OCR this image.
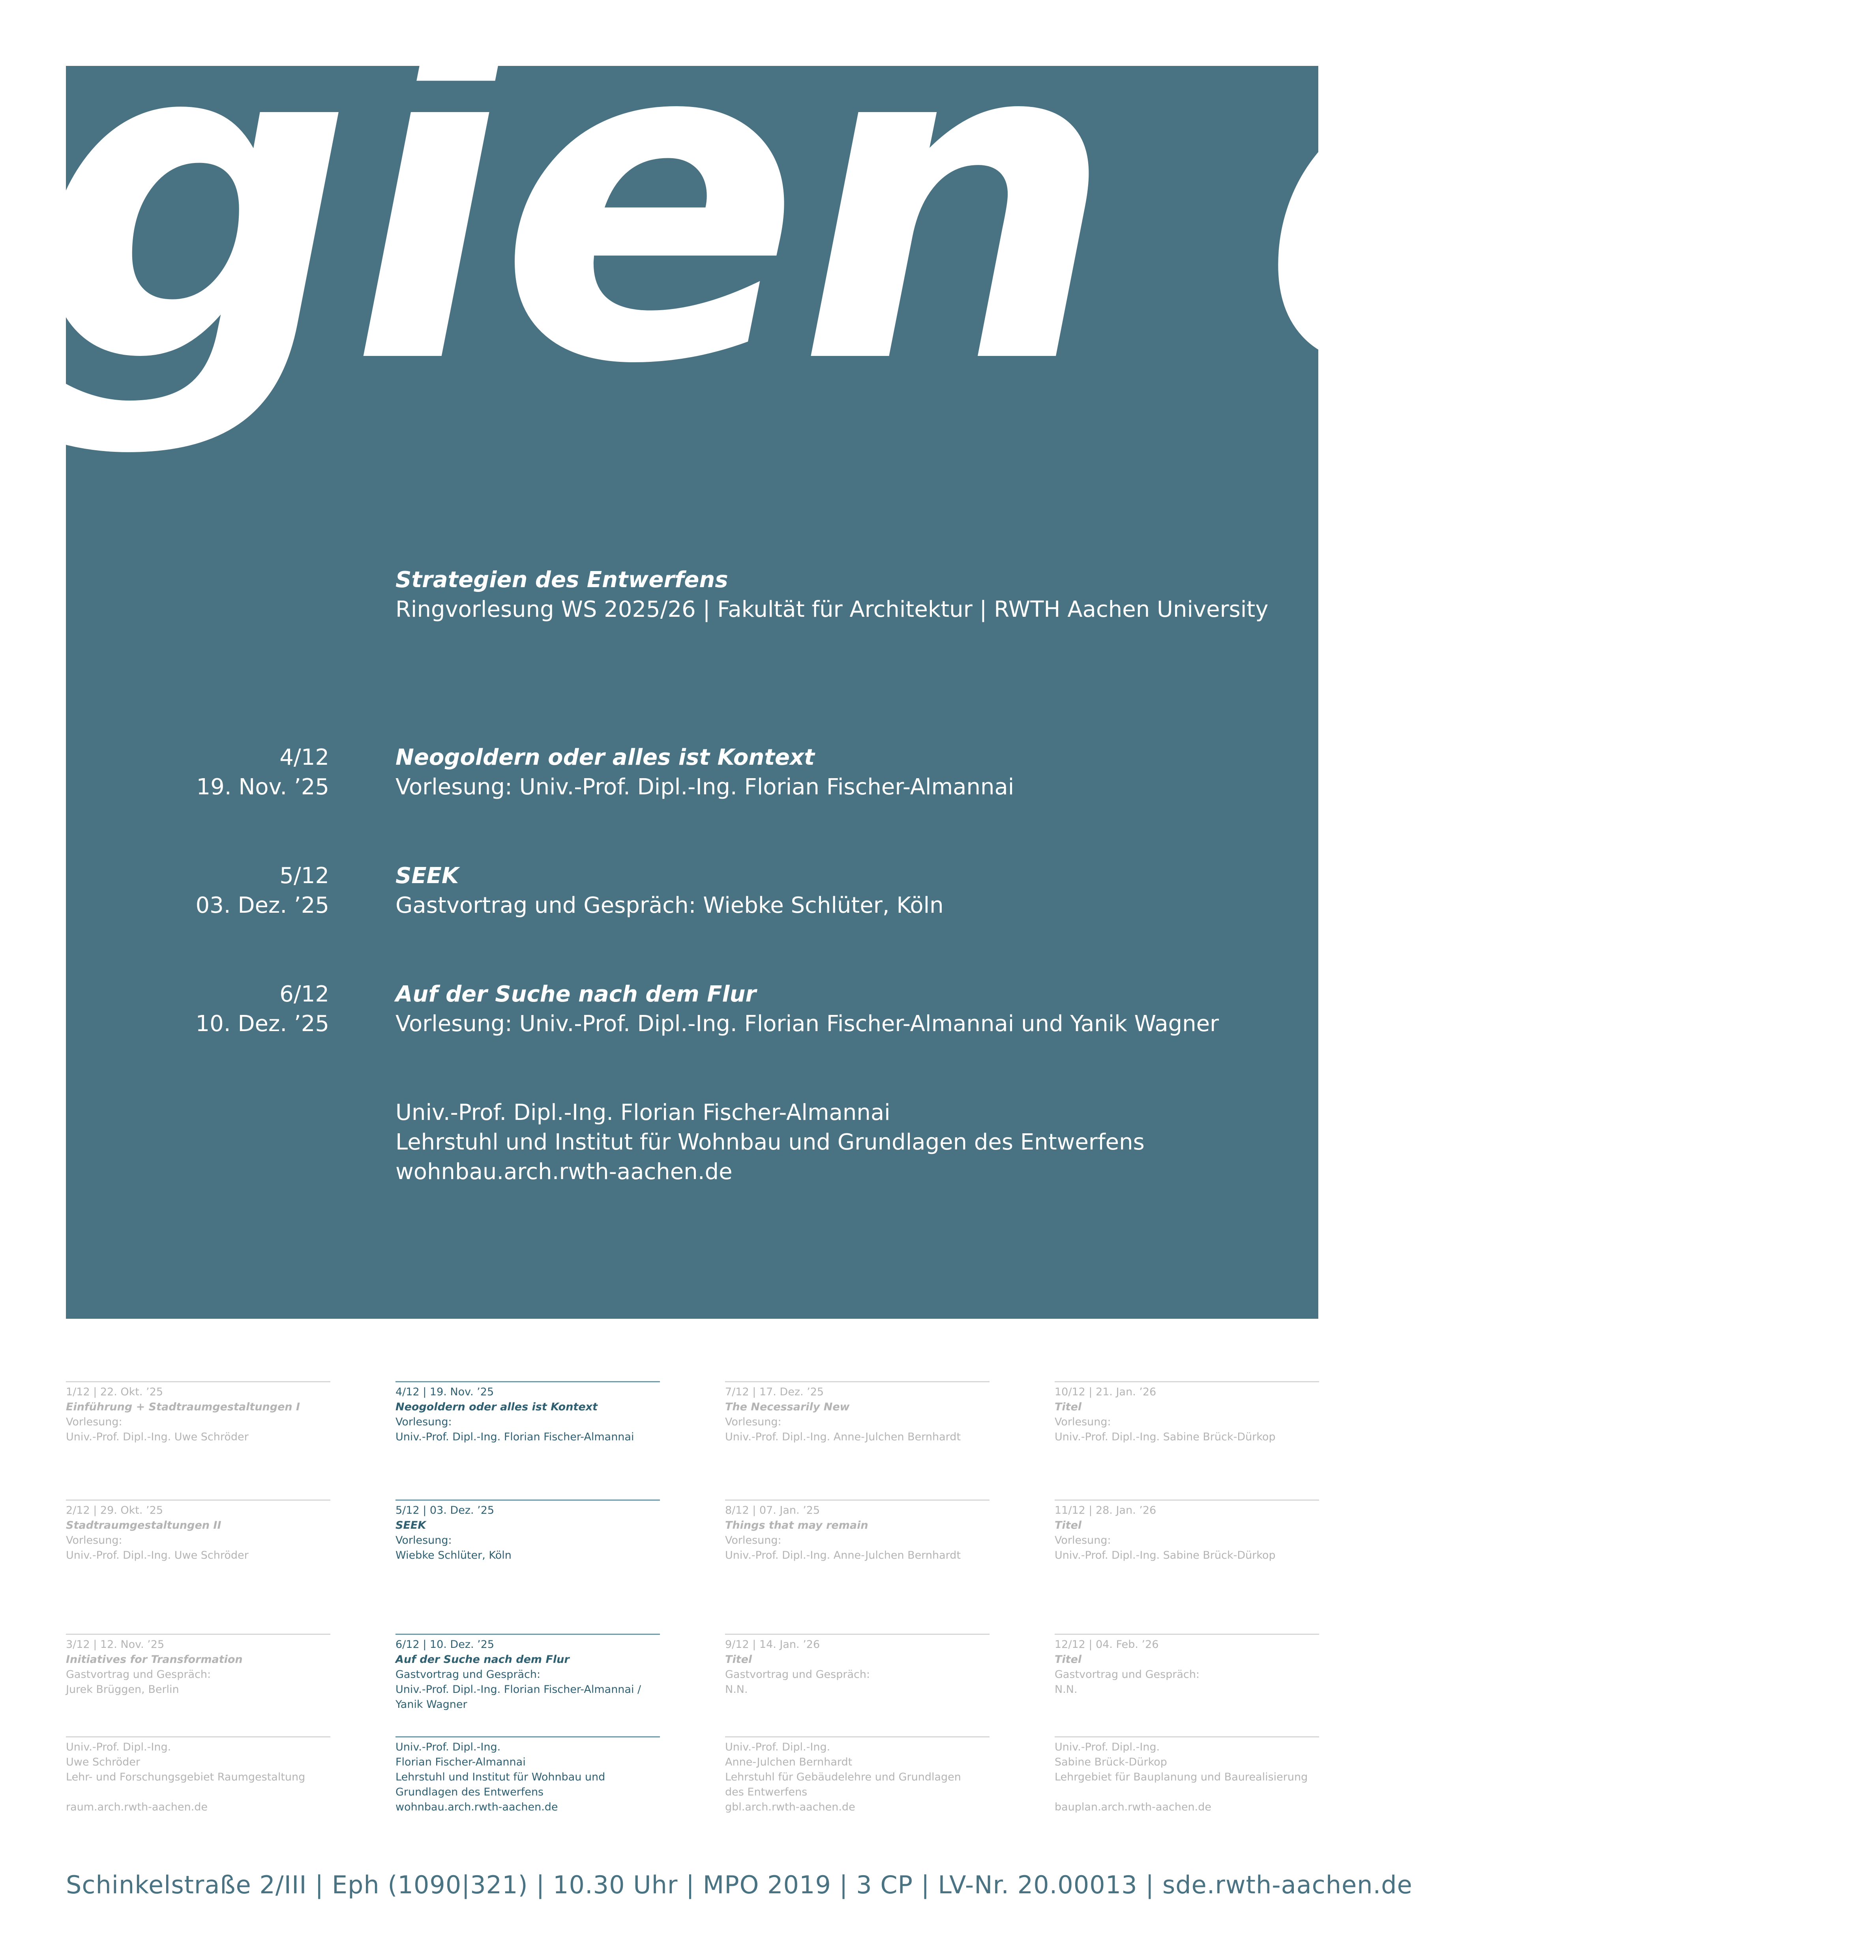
gien de
Strategien des Entwerfens
Ringvorlesung WS 2025/26 | Fakultät für Architektur | RWTH Aachen University
4/12
19. Nov. ’25
Neogoldern oder alles ist Kontext
Vorlesung: Univ.-Prof. Dipl.-Ing. Florian Fischer-Almannai
5/12
03. Dez. ’25
SEEK
Gastvortrag und Gespräch: Wiebke Schlüter, Köln
6/12
10. Dez. ’25
Auf der Suche nach dem Flur
Vorlesung: Univ.-Prof. Dipl.-Ing. Florian Fischer-Almannai und Yanik Wagner
Univ.-Prof. Dipl.-Ing. Florian Fischer-Almannai
Lehrstuhl und Institut für Wohnbau und Grundlagen des Entwerfens
wohnbau.arch.rwth-aachen.de
1/12 | 22. Okt. ’25
Einführung + Stadtraumgestaltungen I
Vorlesung:
Univ.-Prof. Dipl.-Ing. Uwe Schröder
2/12 | 29. Okt. ’25
Stadtraumgestaltungen II
Vorlesung:
Univ.-Prof. Dipl.-Ing. Uwe Schröder
3/12 | 12. Nov. ’25
Initiatives for Transformation
Gastvortrag und Gespräch:
Jurek Brüggen, Berlin
Univ.-Prof. Dipl.-Ing.
Uwe Schröder
Lehr- und Forschungsgebiet Raumgestaltung
raum.arch.rwth-aachen.de
4/12 | 19. Nov. ’25
Neogoldern oder alles ist Kontext
Vorlesung:
Univ.-Prof. Dipl.-Ing. Florian Fischer-Almannai
5/12 | 03. Dez. ’25
SEEK
Vorlesung:
Wiebke Schlüter, Köln
6/12 | 10. Dez. ’25
Auf der Suche nach dem Flur
Gastvortrag und Gespräch:
Univ.-Prof. Dipl.-Ing. Florian Fischer-Almannai /
Yanik Wagner
Univ.-Prof. Dipl.-Ing.
Florian Fischer-Almannai
Lehrstuhl und Institut für Wohnbau und
Grundlagen des Entwerfens
wohnbau.arch.rwth-aachen.de
7/12 | 17. Dez. ’25
The Necessarily New
Vorlesung:
Univ.-Prof. Dipl.-Ing. Anne-Julchen Bernhardt
8/12 | 07. Jan. ’25
Things that may remain
Vorlesung:
Univ.-Prof. Dipl.-Ing. Anne-Julchen Bernhardt
9/12 | 14. Jan. ’26
Titel
Gastvortrag und Gespräch:
N.N.
Univ.-Prof. Dipl.-Ing.
Anne-Julchen Bernhardt
Lehrstuhl für Gebäudelehre und Grundlagen
des Entwerfens
gbl.arch.rwth-aachen.de
10/12 | 21. Jan. ’26
Titel
Vorlesung:
Univ.-Prof. Dipl.-Ing. Sabine Brück-Dürkop
11/12 | 28. Jan. ’26
Titel
Vorlesung:
Univ.-Prof. Dipl.-Ing. Sabine Brück-Dürkop
12/12 | 04. Feb. ’26
Titel
Gastvortrag und Gespräch:
N.N.
Univ.-Prof. Dipl.-Ing.
Sabine Brück-Dürkop
Lehrgebiet für Bauplanung und Baurealisierung
bauplan.arch.rwth-aachen.de
Schinkelstraße 2/III | Eph (1090|321) | 10.30 Uhr | MPO 2019 | 3 CP | LV-Nr. 20.00013 | sde.rwth-aachen.de
